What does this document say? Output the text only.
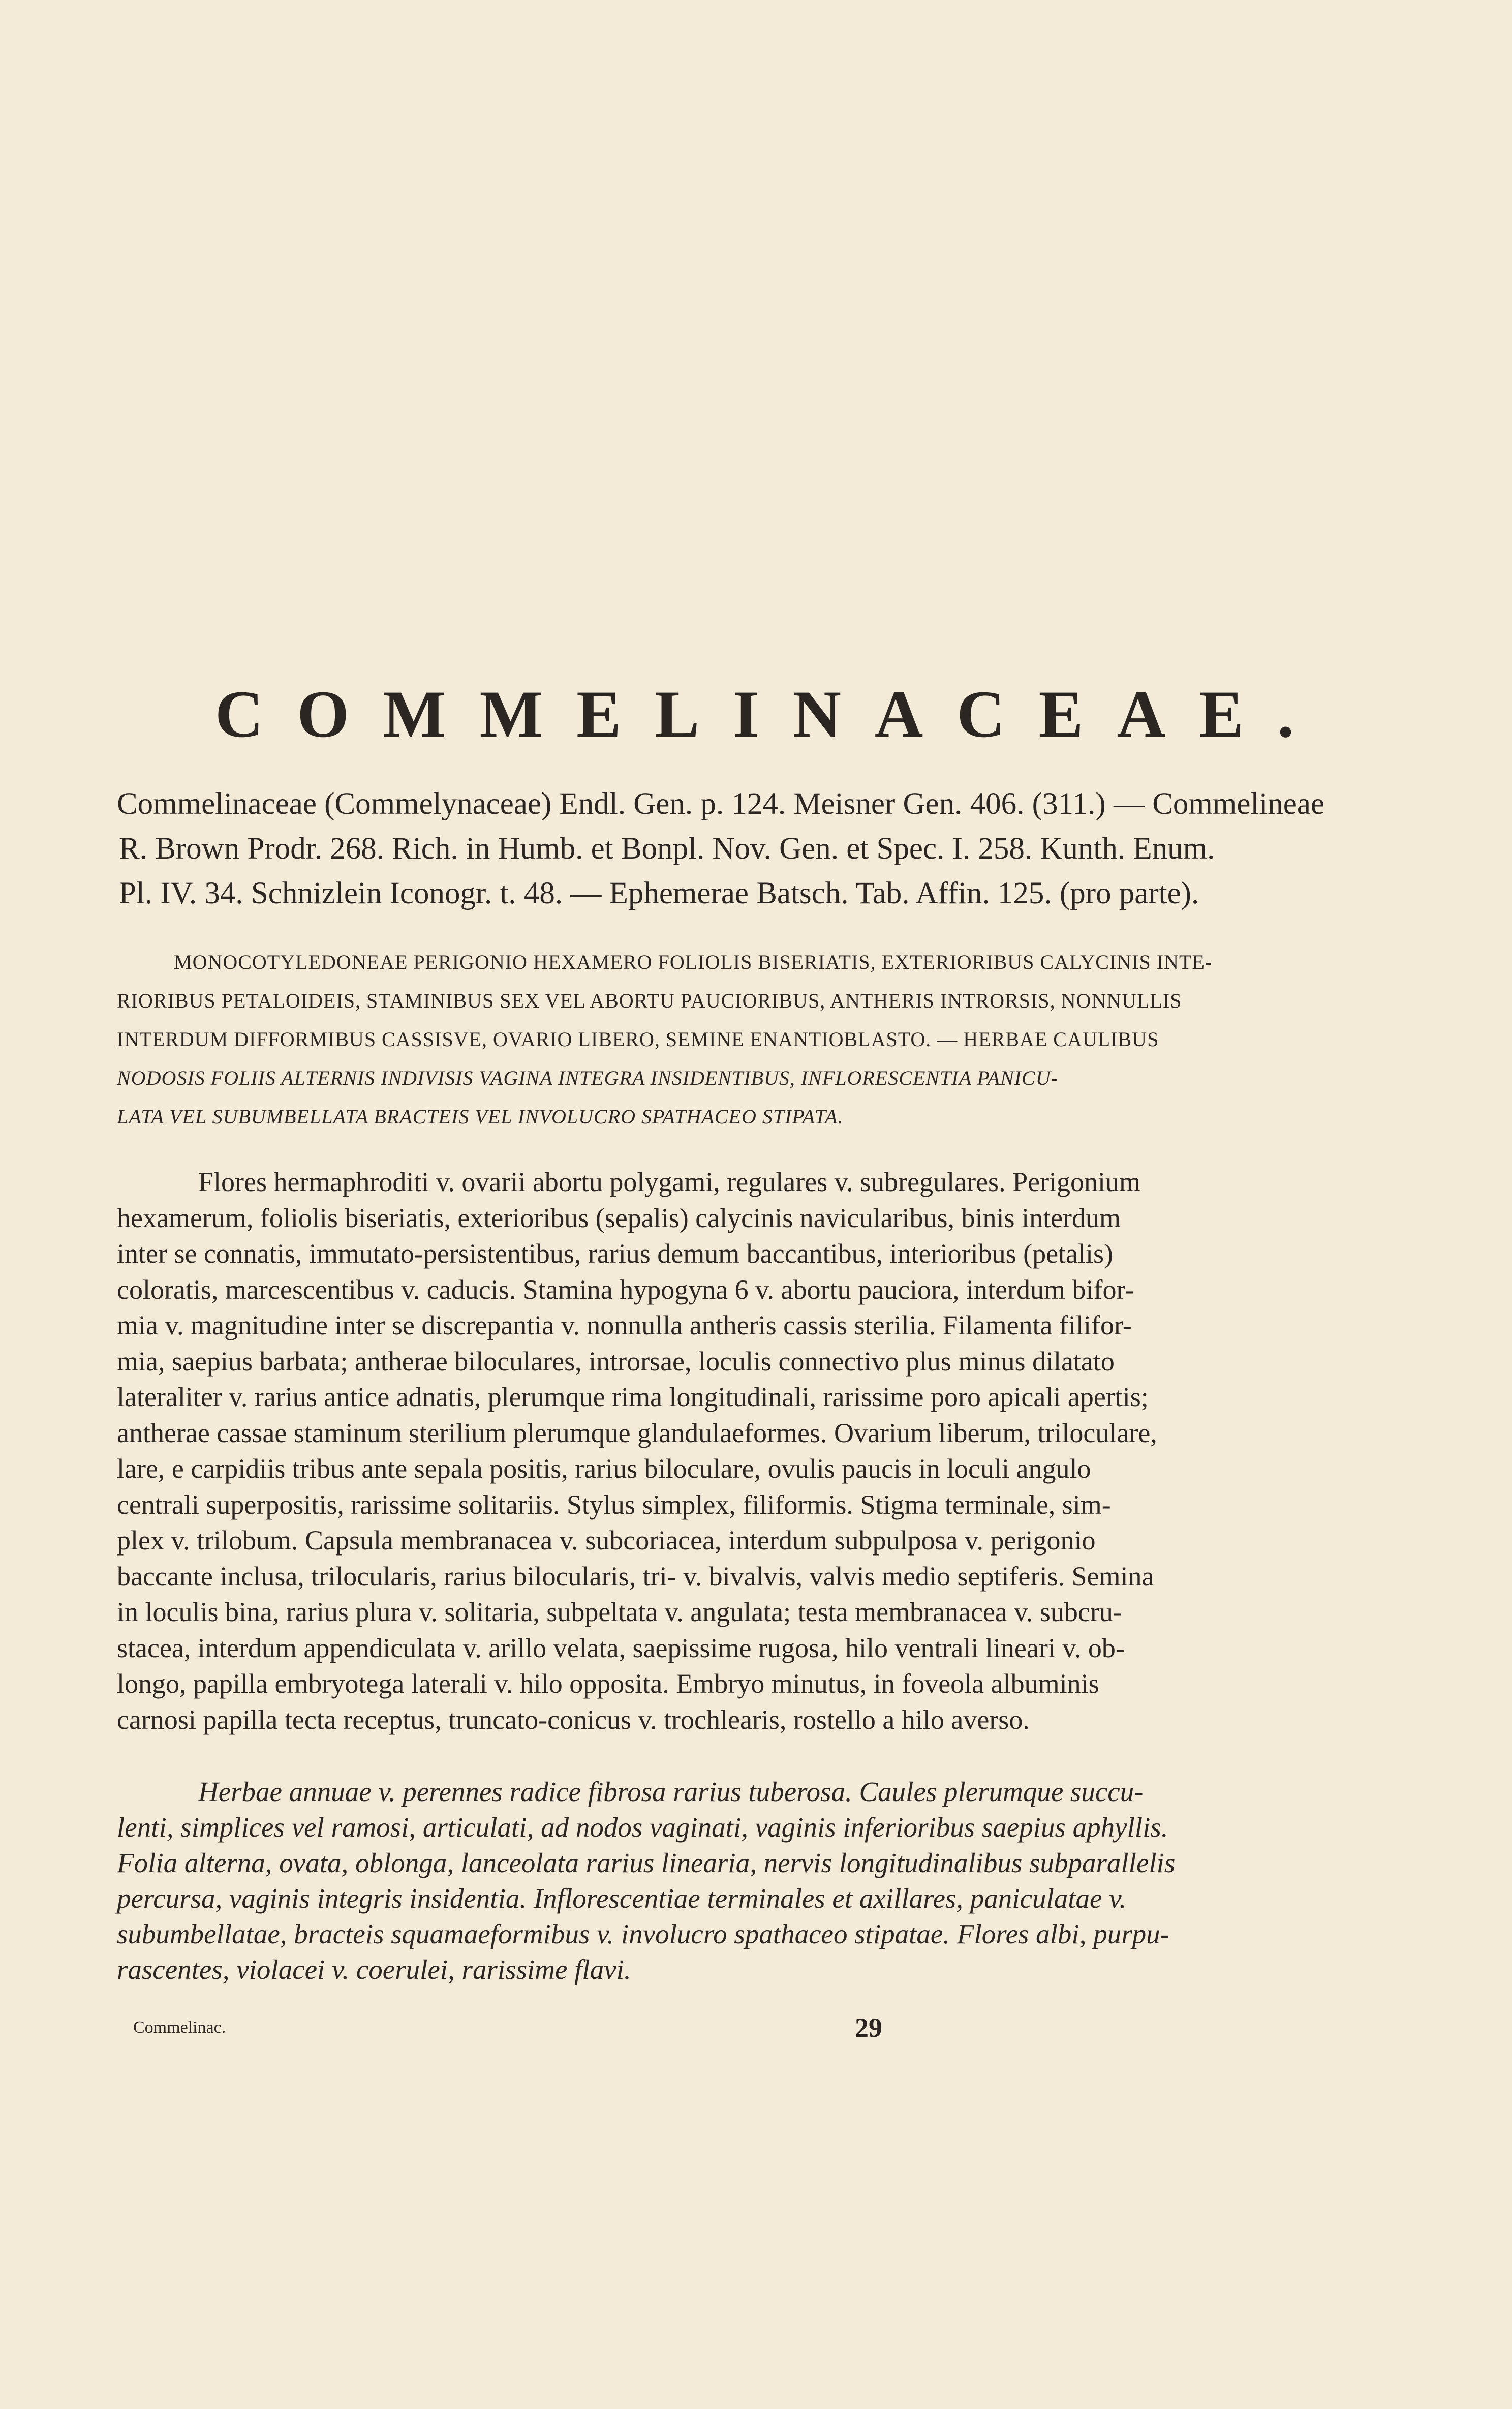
COMMELINACEAE.

Commelinaceae (Commelynaceae) Endl. Gen. p. 124. Meisner Gen. 406. (311.) — Commelineae

R. Brown Prodr. 268. Rich. in Humb. et Bonpl. Nov. Gen. et Spec. I. 258. Kunth. Enum.

Pl. IV. 34. Schnizlein Iconogr. t. 48. — Ephemerae Batsch. Tab. Affin. 125. (pro parte).

MONOCOTYLEDONEAE PERIGONIO HEXAMERO FOLIOLIS BISERIATIS, EXTERIORIBUS CALYCINIS INTE-

RIORIBUS PETALOIDEIS, STAMINIBUS SEX VEL ABORTU PAUCIORIBUS, ANTHERIS INTRORSIS, NONNULLIS

INTERDUM DIFFORMIBUS CASSISVE, OVARIO LIBERO, SEMINE ENANTIOBLASTO. — HERBAE CAULIBUS

NODOSIS FOLIIS ALTERNIS INDIVISIS VAGINA INTEGRA INSIDENTIBUS, INFLORESCENTIA PANICU-

LATA VEL SUBUMBELLATA BRACTEIS VEL INVOLUCRO SPATHACEO STIPATA.

Flores hermaphroditi v. ovarii abortu polygami, regulares v. subregulares. Perigonium

hexamerum, foliolis biseriatis, exterioribus (sepalis) calycinis navicularibus, binis interdum

inter se connatis, immutato-persistentibus, rarius demum baccantibus, interioribus (petalis)

coloratis, marcescentibus v. caducis. Stamina hypogyna 6 v. abortu pauciora, interdum bifor-

mia v. magnitudine inter se discrepantia v. nonnulla antheris cassis sterilia. Filamenta filifor-

mia, saepius barbata; antherae biloculares, introrsae, loculis connectivo plus minus dilatato

lateraliter v. rarius antice adnatis, plerumque rima longitudinali, rarissime poro apicali apertis;

antherae cassae staminum sterilium plerumque glandulaeformes. Ovarium liberum, triloculare,

lare, e carpidiis tribus ante sepala positis, rarius biloculare, ovulis paucis in loculi angulo

centrali superpositis, rarissime solitariis. Stylus simplex, filiformis. Stigma terminale, sim-

plex v. trilobum. Capsula membranacea v. subcoriacea, interdum subpulposa v. perigonio

baccante inclusa, trilocularis, rarius bilocularis, tri- v. bivalvis, valvis medio septiferis. Semina

in loculis bina, rarius plura v. solitaria, subpeltata v. angulata; testa membranacea v. subcru-

stacea, interdum appendiculata v. arillo velata, saepissime rugosa, hilo ventrali lineari v. ob-

longo, papilla embryotega laterali v. hilo opposita. Embryo minutus, in foveola albuminis

carnosi papilla tecta receptus, truncato-conicus v. trochlearis, rostello a hilo averso.

Herbae annuae v. perennes radice fibrosa rarius tuberosa. Caules plerumque succu-

lenti, simplices vel ramosi, articulati, ad nodos vaginati, vaginis inferioribus saepius aphyllis.

Folia alterna, ovata, oblonga, lanceolata rarius linearia, nervis longitudinalibus subparallelis

percursa, vaginis integris insidentia. Inflorescentiae terminales et axillares, paniculatae v.

subumbellatae, bracteis squamaeformibus v. involucro spathaceo stipatae. Flores albi, purpu-

rascentes, violacei v. coerulei, rarissime flavi.

Commelinac.	29
